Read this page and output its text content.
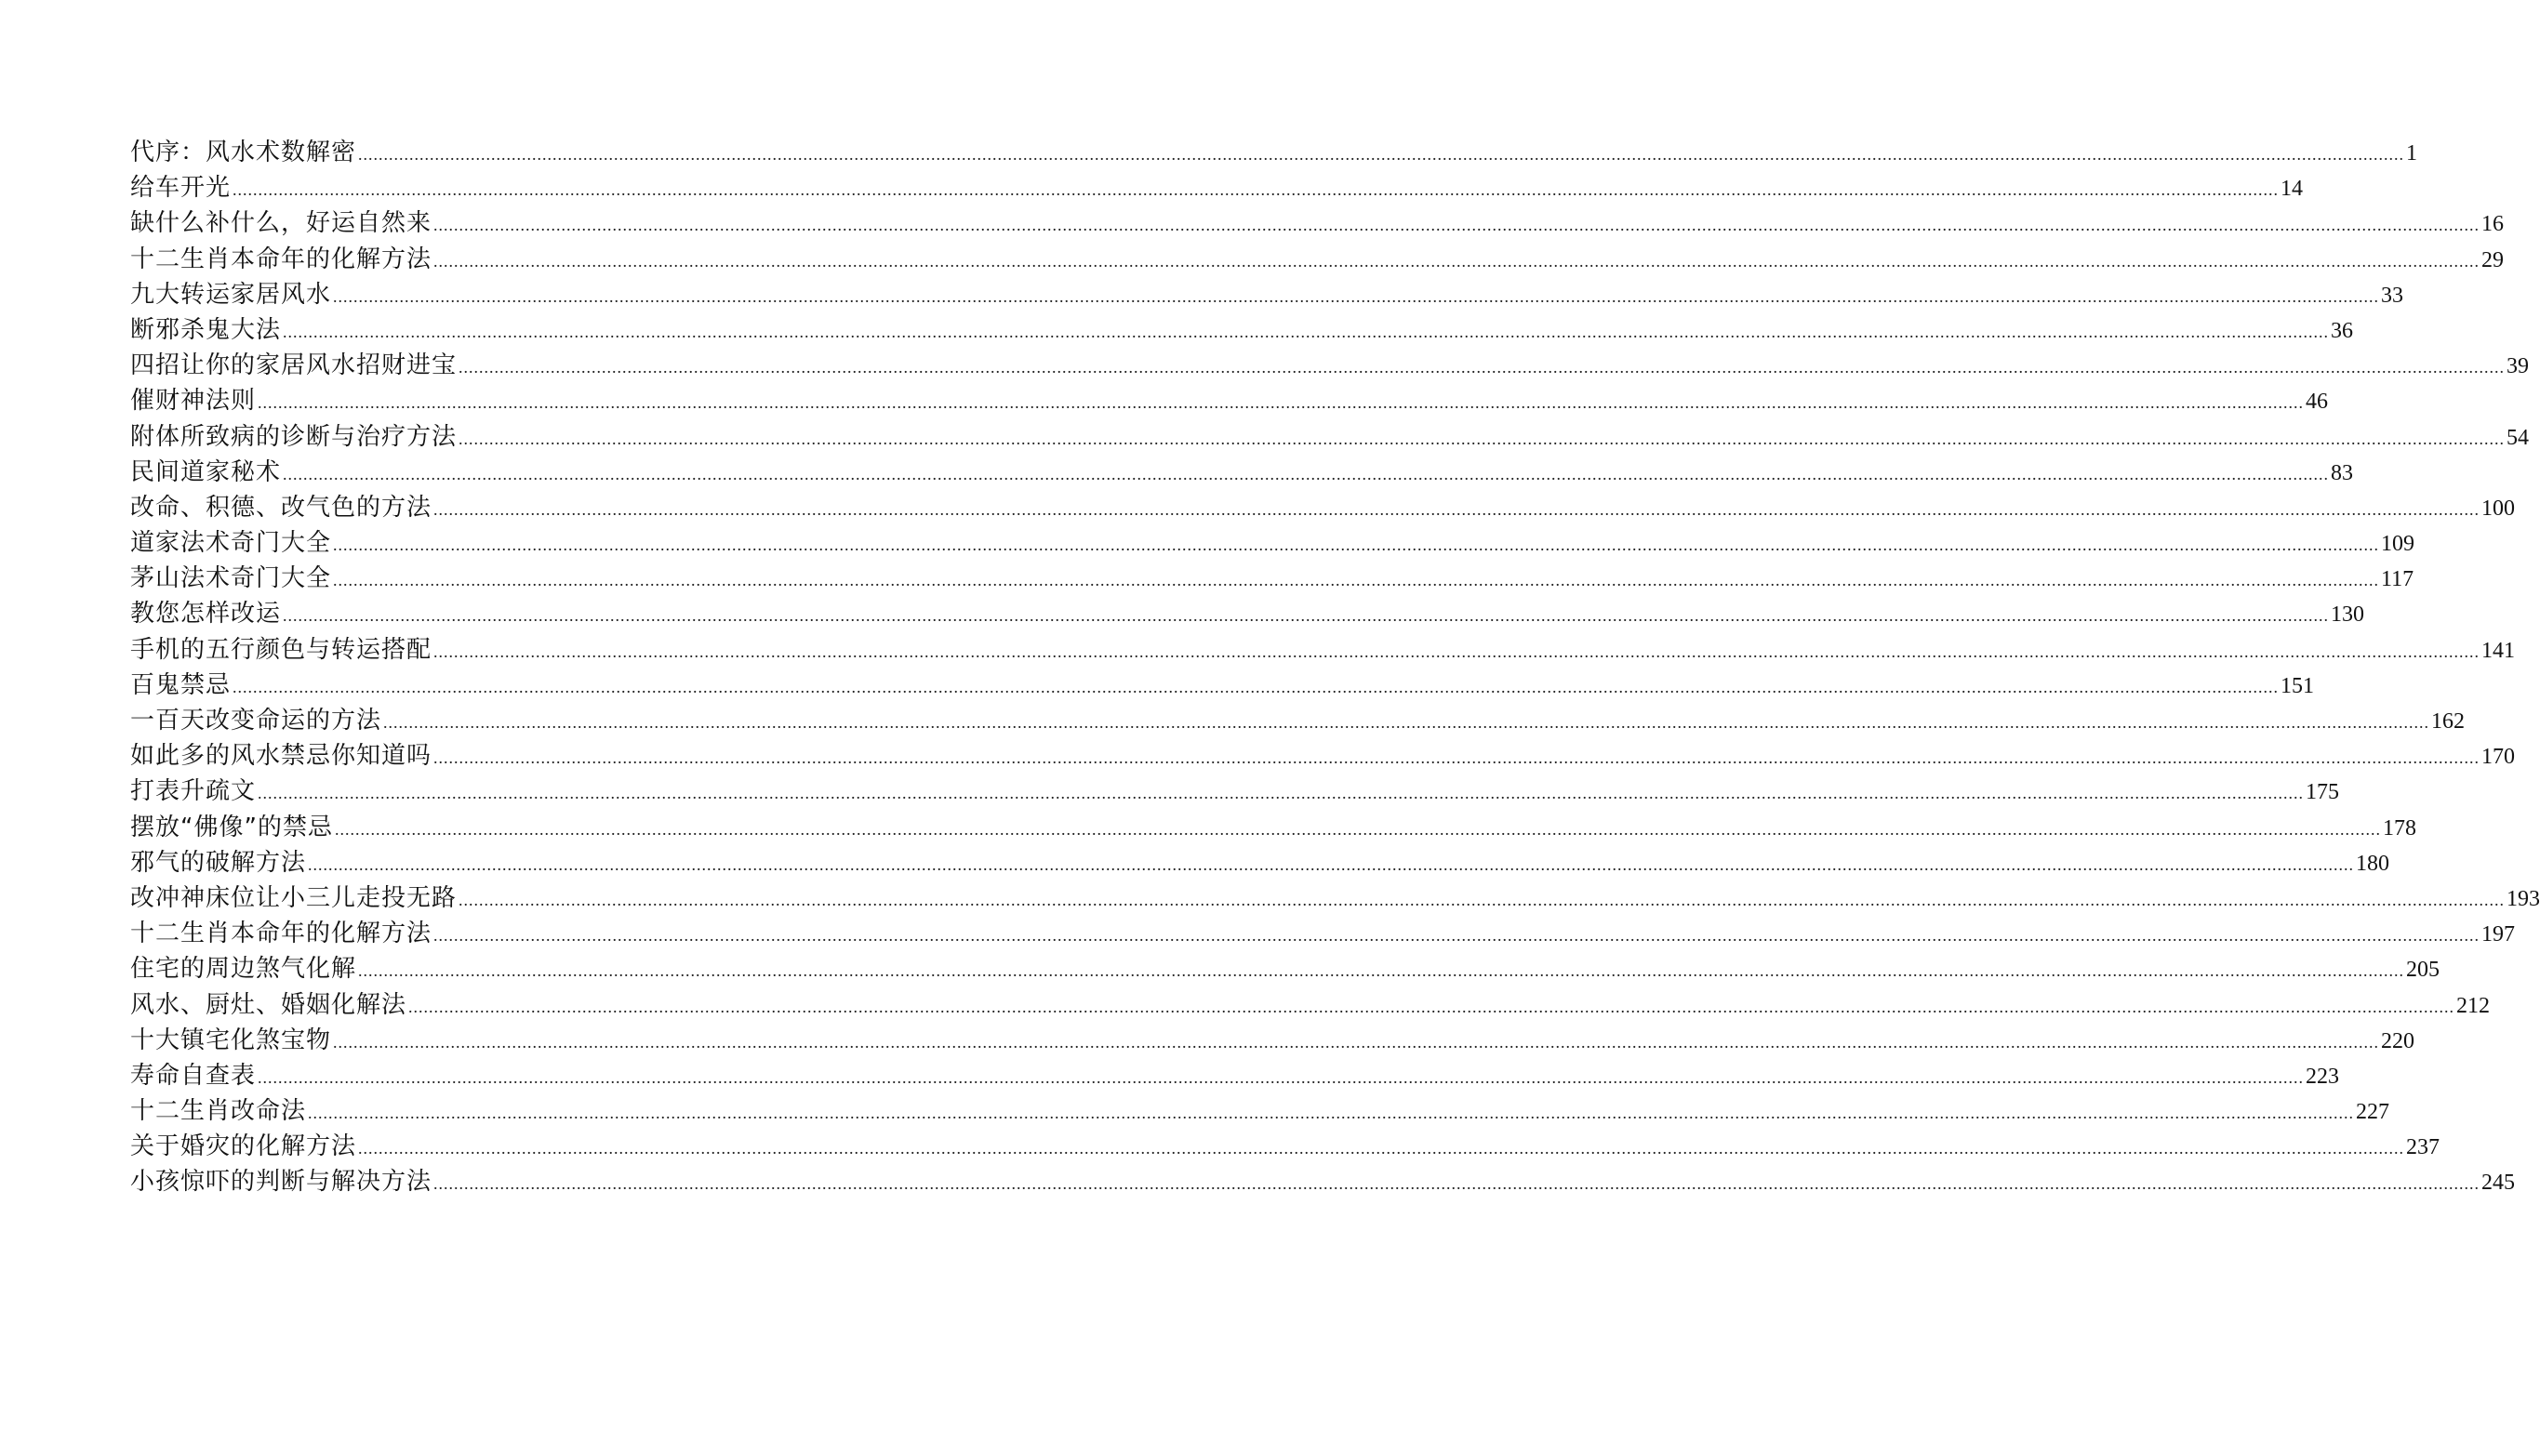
代序：风水术数解密 ................................................................................................................................................................................................................................................................................................................................................................................................................ 1
给车开光 ................................................................................................................................................................................................................................................................................................................................................................................................................ 14
缺什么补什么，好运自然来 ................................................................................................................................................................................................................................................................................................................................................................................................................ 16
十二生肖本命年的化解方法 ................................................................................................................................................................................................................................................................................................................................................................................................................ 29
九大转运家居风水 ................................................................................................................................................................................................................................................................................................................................................................................................................ 33
断邪杀鬼大法 ................................................................................................................................................................................................................................................................................................................................................................................................................ 36
四招让你的家居风水招财进宝 ................................................................................................................................................................................................................................................................................................................................................................................................................ 39
催财神法则 ................................................................................................................................................................................................................................................................................................................................................................................................................ 46
附体所致病的诊断与治疗方法 ................................................................................................................................................................................................................................................................................................................................................................................................................ 54
民间道家秘术 ................................................................................................................................................................................................................................................................................................................................................................................................................ 83
改命、积德、改气色的方法 ................................................................................................................................................................................................................................................................................................................................................................................................................ 100
道家法术奇门大全 ................................................................................................................................................................................................................................................................................................................................................................................................................ 109
茅山法术奇门大全 ................................................................................................................................................................................................................................................................................................................................................................................................................ 117
教您怎样改运 ................................................................................................................................................................................................................................................................................................................................................................................................................ 130
手机的五行颜色与转运搭配 ................................................................................................................................................................................................................................................................................................................................................................................................................ 141
百鬼禁忌 ................................................................................................................................................................................................................................................................................................................................................................................................................ 151
一百天改变命运的方法 ................................................................................................................................................................................................................................................................................................................................................................................................................ 162
如此多的风水禁忌你知道吗 ................................................................................................................................................................................................................................................................................................................................................................................................................ 170
打表升疏文 ................................................................................................................................................................................................................................................................................................................................................................................................................ 175
摆放“佛像”的禁忌 ................................................................................................................................................................................................................................................................................................................................................................................................................ 178
邪气的破解方法 ................................................................................................................................................................................................................................................................................................................................................................................................................ 180
改冲神床位让小三儿走投无路 ................................................................................................................................................................................................................................................................................................................................................................................................................ 193
十二生肖本命年的化解方法 ................................................................................................................................................................................................................................................................................................................................................................................................................ 197
住宅的周边煞气化解 ................................................................................................................................................................................................................................................................................................................................................................................................................ 205
风水、厨灶、婚姻化解法 ................................................................................................................................................................................................................................................................................................................................................................................................................ 212
十大镇宅化煞宝物 ................................................................................................................................................................................................................................................................................................................................................................................................................ 220
寿命自查表 ................................................................................................................................................................................................................................................................................................................................................................................................................ 223
十二生肖改命法 ................................................................................................................................................................................................................................................................................................................................................................................................................ 227
关于婚灾的化解方法 ................................................................................................................................................................................................................................................................................................................................................................................................................ 237
小孩惊吓的判断与解决方法 ................................................................................................................................................................................................................................................................................................................................................................................................................ 245
